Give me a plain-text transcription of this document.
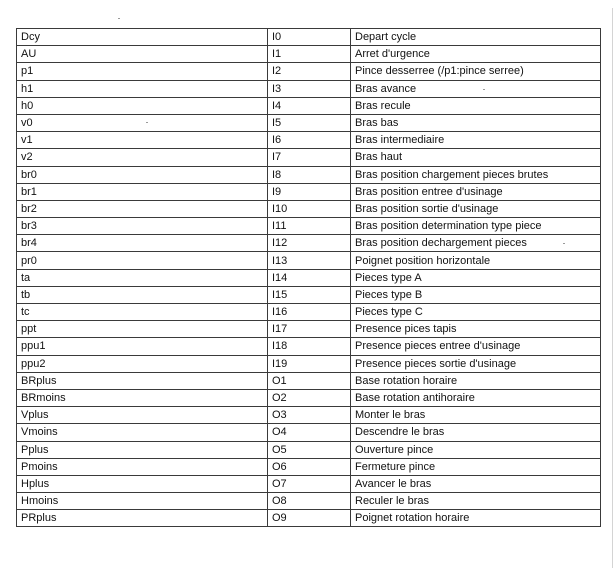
Dcy	I0	Depart cycle
AU	I1	Arret d'urgence
p1	I2	Pince desserree (/p1:pince serree)
h1	I3	Bras avance
h0	I4	Bras recule
v0	I5	Bras bas
v1	I6	Bras intermediaire
v2	I7	Bras haut
br0	I8	Bras position chargement pieces brutes
br1	I9	Bras position entree d'usinage
br2	I10	Bras position sortie d'usinage
br3	I11	Bras position determination type piece
br4	I12	Bras position dechargement pieces
pr0	I13	Poignet position horizontale
ta	I14	Pieces type A
tb	I15	Pieces type B
tc	I16	Pieces type C
ppt	I17	Presence pices tapis
ppu1	I18	Presence pieces entree d'usinage
ppu2	I19	Presence pieces sortie d'usinage
BRplus	O1	Base rotation horaire
BRmoins	O2	Base rotation antihoraire
Vplus	O3	Monter le bras
Vmoins	O4	Descendre le bras
Pplus	O5	Ouverture pince
Pmoins	O6	Fermeture pince
Hplus	O7	Avancer le bras
Hmoins	O8	Reculer le bras
PRplus	O9	Poignet rotation horaire
